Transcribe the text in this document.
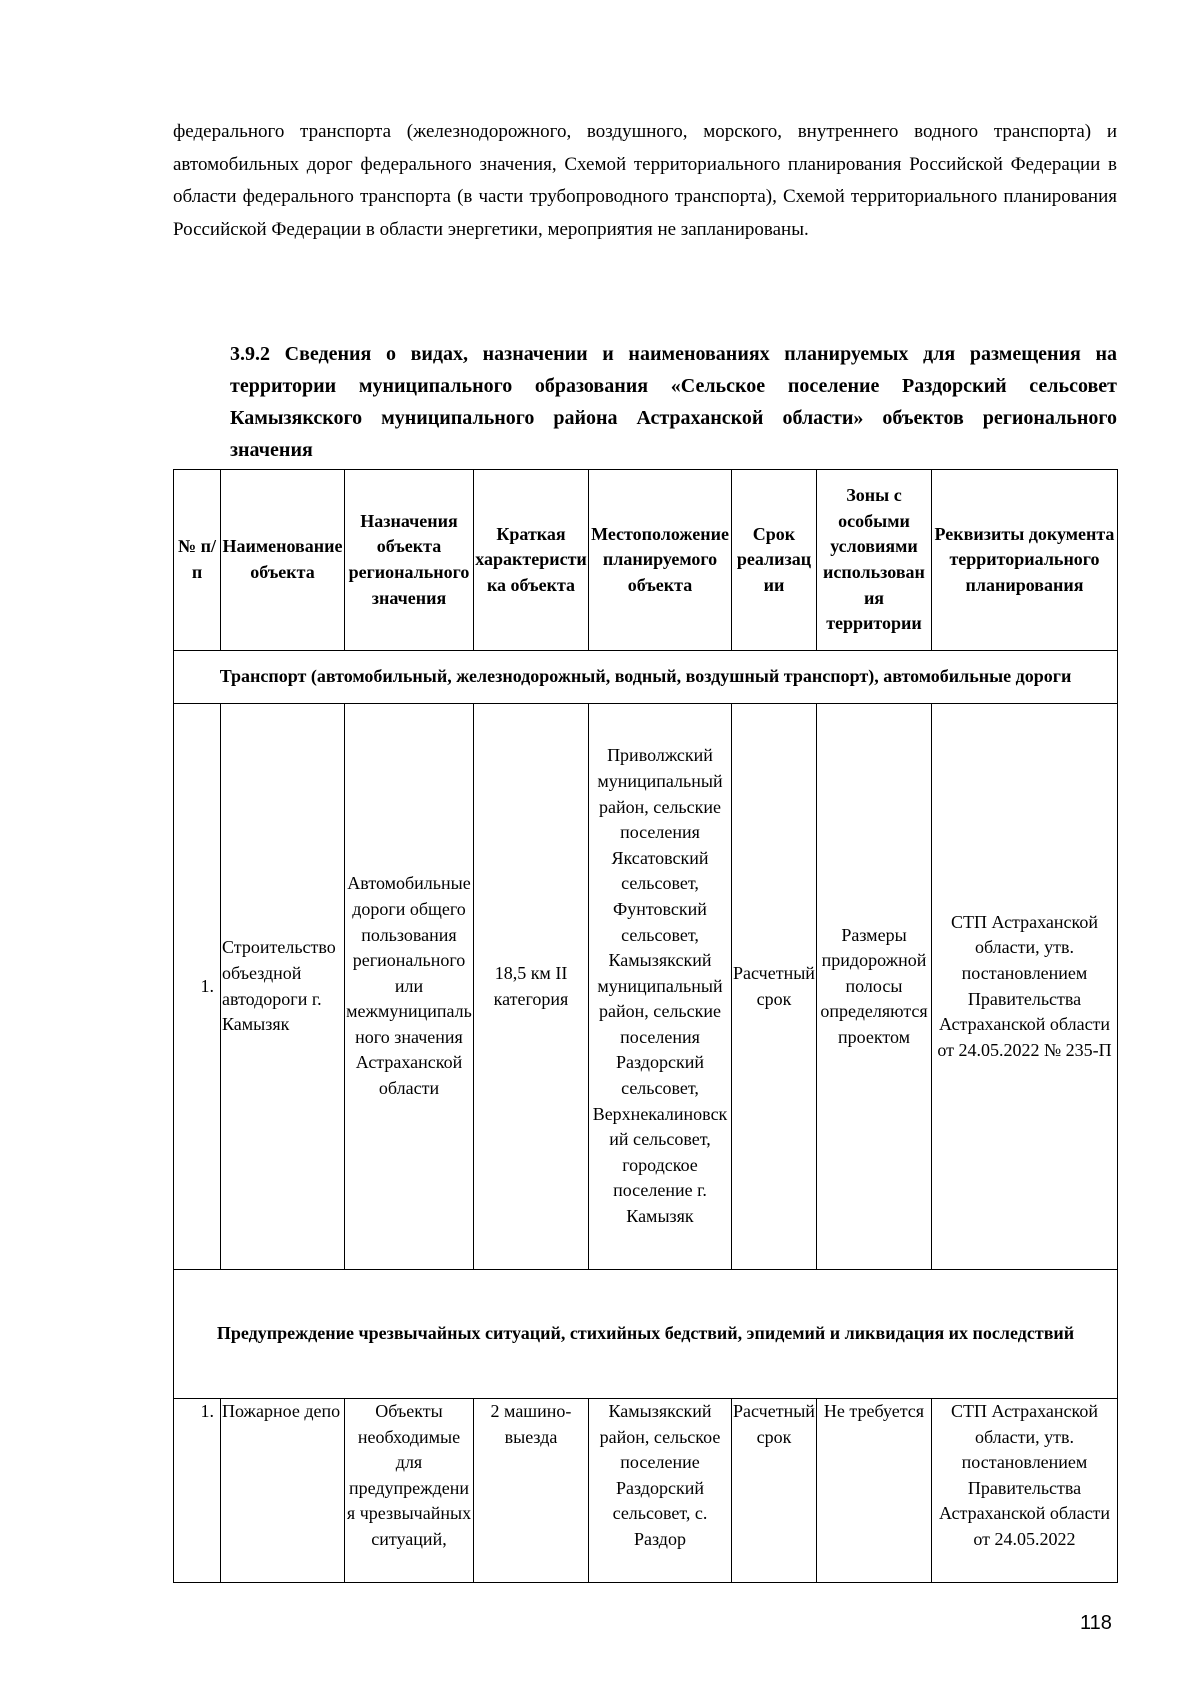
федерального транспорта (железнодорожного, воздушного, морского, внутреннего водного транспорта) и автомобильных дорог федерального значения, Схемой территориального планирования Российской Федерации в области федерального транспорта (в части трубопроводного транспорта), Схемой территориального планирования Российской Федерации в области энергетики, мероприятия не запланированы.
3.9.2 Сведения о видах, назначении и наименованиях планируемых для размещения на территории муниципального образования «Сельское поселение Раздорский сельсовет Камызякского муниципального района Астраханской области» объектов регионального значения
№ п/п	Наименование объекта	Назначения объекта регионального значения	Краткая характеристика объекта	Местоположение планируемого объекта	Срок реализации	Зоны с особыми условиями использования территории	Реквизиты документа территориального планирования
Транспорт (автомобильный, железнодорожный, водный, воздушный транспорт), автомобильные дороги							
1.	Строительство объездной автодороги г. Камызяк	Автомобильные дороги общего пользования регионального или межмуниципального значения Астраханской области	18,5 км II категория	Приволжский муниципальный район, сельские поселения Яксатовский сельсовет, Фунтовский сельсовет, Камызякский муниципальный район, сельские поселения Раздорский сельсовет, Верхнекалиновский сельсовет, городское поселение г. Камызяк	Расчетный срок	Размеры придорожной полосы определяются проектом	СТП Астраханской области, утв. постановлением Правительства Астраханской области от 24.05.2022 № 235-П
Предупреждение чрезвычайных ситуаций, стихийных бедствий, эпидемий и ликвидация их последствий							
1.	Пожарное депо	Объекты необходимые для предупреждения чрезвычайных ситуаций,	2 машино-выезда	Камызякский район, сельское поселение Раздорский сельсовет, с. Раздор	Расчетный срок	Не требуется	СТП Астраханской области, утв. постановлением Правительства Астраханской области от 24.05.2022
118
